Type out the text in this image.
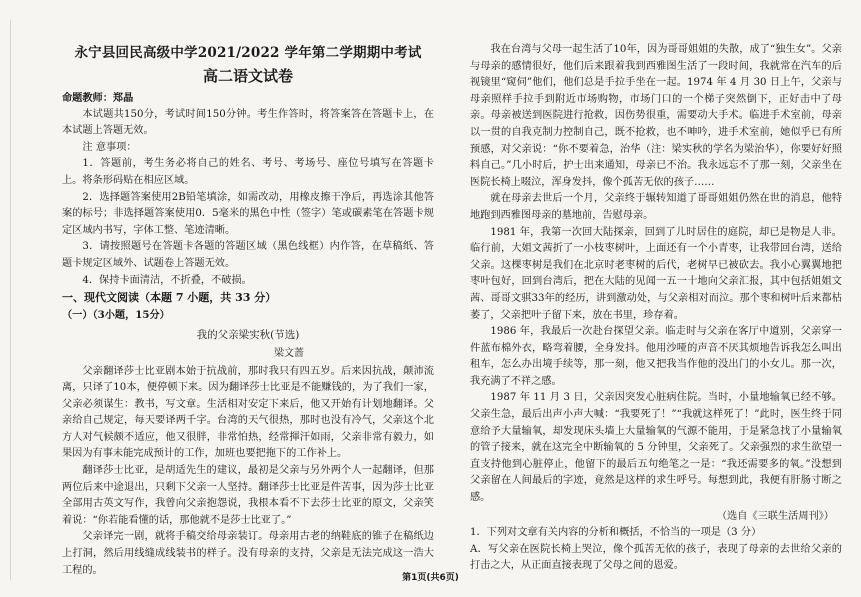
永宁县回民高级中学2021/2022 学年第二学期期中考试

高二语文试卷

命题教师：郑晶

本试题共150分，考试时间150分钟。考生作答时，将答案答在答题卡上，在本试题上答题无效。

注 意事项：

1．答题前，考生务必将自己的姓名、考号、考场号、座位号填写在答题卡上。将条形码贴在相应区域。

2．选择题答案使用2B铅笔填涂，如需改动，用橡皮擦干净后，再选涂其他答案的标号；非选择题答案使用0．5毫米的黑色中性（签字）笔或碳素笔在答题卡规定区域内书写，字体工整、笔迹清晰。

3．请按照题号在答题卡各题的答题区域（黑色线框）内作答，在草稿纸、答题卡规定区域外、试题卷上答题无效。

4．保持卡面清洁，不折叠，不破损。

一、现代文阅读（本题 7 小题，共 33 分）

（一）（3小题，15分）

我的父亲梁实秋(节选)

梁文蔷

父亲翻译莎士比亚剧本始于抗战前，那时我只有四五岁。后来因抗战，颠沛流离，只译了10本，便停顿下来。因为翻译莎士比亚是不能赚钱的，为了我们一家，父亲必须谋生：教书，写文章。生活相对安定下来后，他又开始有计划地翻译。父亲给自己规定，每天要译两千字。台湾的天气很热，那时也没有冷气，父亲这个北方人对气候颇不适应，他又很胖，非常怕热，经常揮汗如雨，父亲非常有毅力，如果因为有事未能完成预计的工作，加班也要把拖下的工作补上。

翻译莎士比亚，是胡适先生的建议，最初是父亲与另外两个人一起翻译，但那两位后来中途退出，只剩下父亲一人坚持。翻译莎士比亚是件苦事，因为莎士比亚全部用古英文写作，我曾向父亲抱怨说，我根本看不下去莎士比亚的原文，父亲笑着说：“你若能看懂的话，那他就不是莎士比亚了。”

父亲译完一剧，就将手稿交给母亲装订。母亲用古老的纳鞋底的锥子在稿纸边上打洞，然后用线缝成线装书的样子。没有母亲的支持，父亲是无法完成这一浩大工程的。

我在台湾与父母一起生活了10年，因为哥哥姐姐的失散，成了“独生女”。父亲与母亲的感情很好，他们后来跟着我到西雅图生活了一段时间，我就常在汽车的后视镜里“窥伺”他们，他们总是手拉手坐在一起。1974 年 4 月 30 日上午，父亲与母亲照样手拉手到附近市场购物，市场门口的一个梯子突然倒下，正好击中了母亲。母亲被送到医院进行抢救，因伤势很重，需要动大手术。临进手术室前，母亲以一贯的自我克制力控制自己，既不抢救，也不呻吟，进手术室前，她似乎已有所预感，对父亲说：“你不要着急，治华（注：梁实秋的学名为梁治华），你要好好照料自己。”几小时后，护士出来通知，母亲已不治。我永远忘不了那一刻，父亲坐在医院长椅上啜泣，浑身发抖，像个孤苦无依的孩子……

就在母亲去世后一个月，父亲终于辗转知道了哥哥姐姐仍然在世的消息，他特地跑到西雅图母亲的墓地前，告慰母亲。

1981 年，我第一次回大陆探亲，回到了儿时居住的庭院，却已是物是人非。临行前，大姐文茜折了一小枝枣树叶，上面还有一个小青枣，让我带回台湾，送给父亲。这棵枣树是我们在北京时老枣树的后代，老树早已被砍去。我小心翼翼地把枣叶包好，回到台湾后，把在大陆的见闻一五一十地向父亲汇报，其中包括姐姐文茜、哥哥文骐33年的经历，讲到激动处，与父亲相对而泣。那个枣和树叶后来都枯萎了，父亲把叶子留下来，放在书里，珍存着。

1986 年，我最后一次赴台探望父亲。临走时与父亲在客厅中道别，父亲穿一件蓝布棉外衣，略弯着腰，全身发抖。他用沙哑的声音不厌其烦地告诉我怎么叫出租车，怎么办出境手续等，那一刻，他又把我当作他的没出门的小女儿。那一次，我充满了不祥之感。

1987 年 11 月 3 日，父亲因突发心脏病住院。当时，小量地输氧已经不够。父亲生急，最后出声小声大喊：“我要死了！”“我就这样死了！”此时，医生终于同意给予大量输氧，却发现床头墙上大量输氧的气源不能用，于是紧急找了小量输氧的管子接来，就在这完全中断输氧的 5 分钟里，父亲死了。父亲强烈的求生欲望一直支持他到心脏停止，他留下的最后五句绝笔之一是：“我还需要多的氧。”没想到父亲留在人间最后的字迹，竟然是这样的求生呼号。每想到此，我便有肝肠寸断之感。

（选自《三联生活周刊》）

1．下列对文章有关内容的分析和概括，不恰当的一项是（3 分）

A．写父亲在医院长椅上哭泣，像个孤苦无依的孩子，表现了母亲的去世给父亲的打击之大，从正面直接表现了父母之间的恩爱。

第1页(共6页)
